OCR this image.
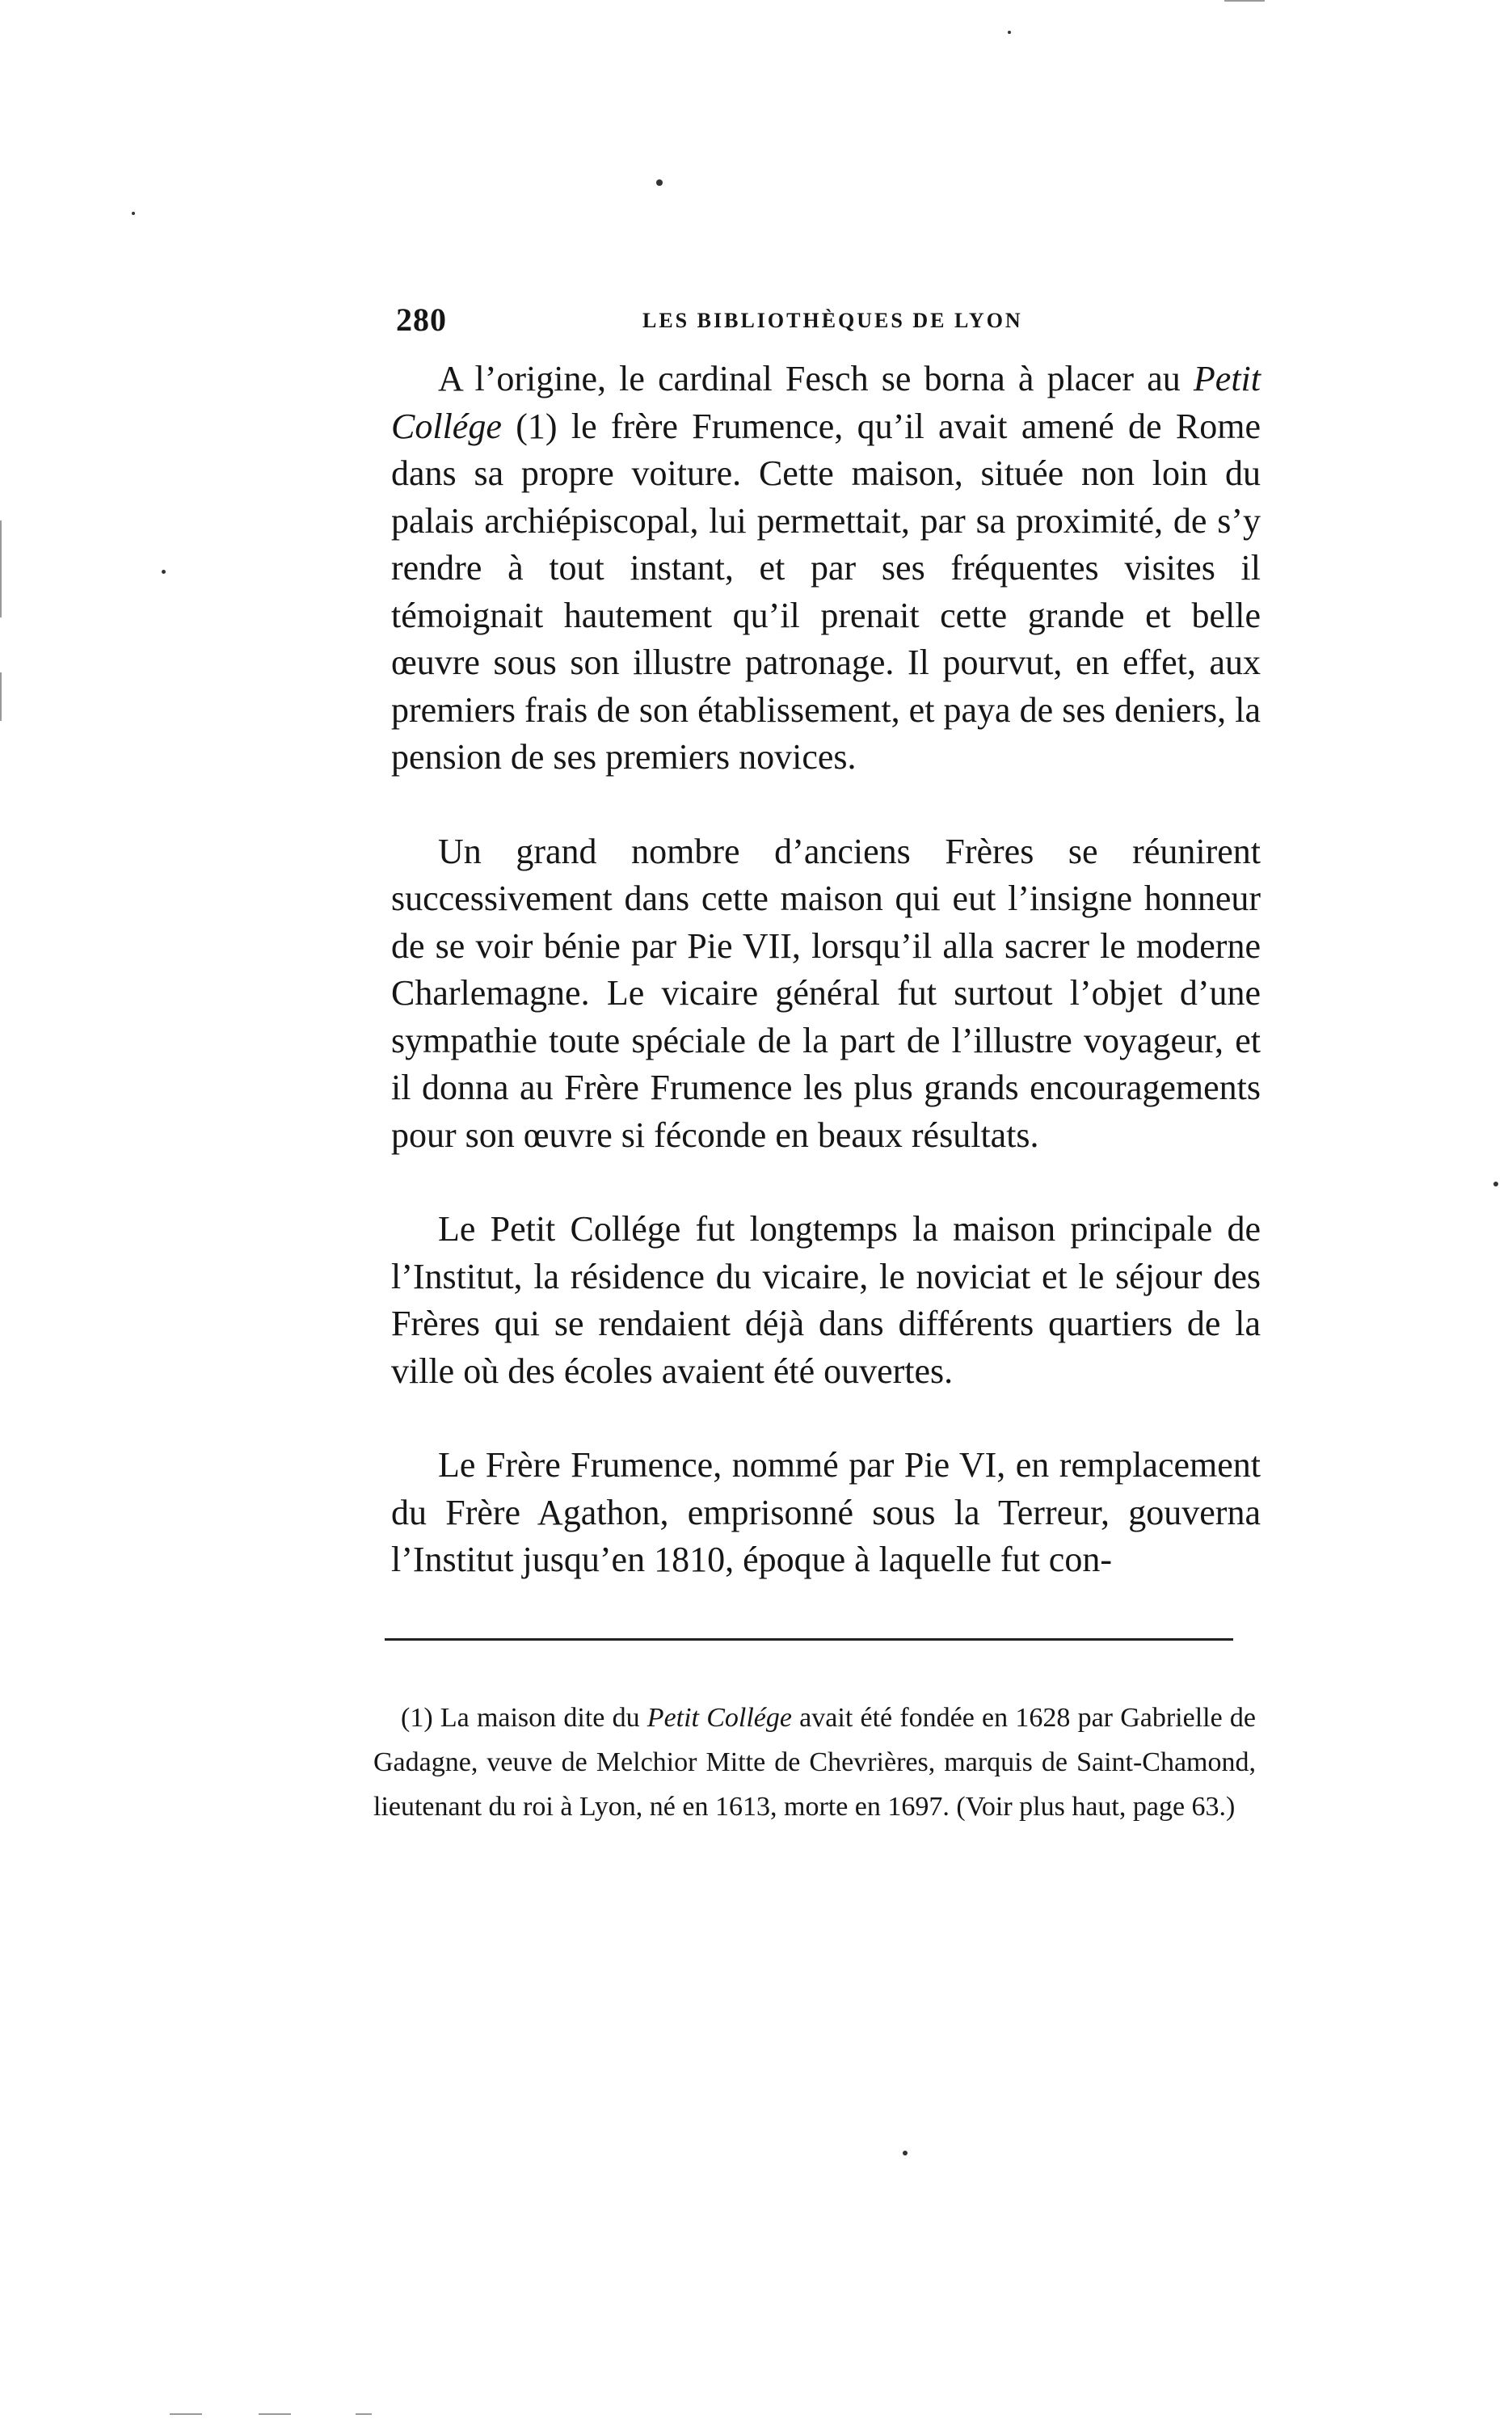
280	LES BIBLIOTHÈQUES DE LYON

A l’origine, le cardinal Fesch se borna à placer au Petit Collége (1) le frère Frumence, qu’il avait amené de Rome dans sa propre voiture. Cette maison, située non loin du palais archiépiscopal, lui permettait, par sa proximité, de s’y rendre à tout instant, et par ses fréquentes visites il témoignait hautement qu’il prenait cette grande et belle œuvre sous son illustre patronage. Il pourvut, en effet, aux premiers frais de son établissement, et paya de ses deniers, la pension de ses premiers novices.

Un grand nombre d’anciens Frères se réunirent successivement dans cette maison qui eut l’insigne honneur de se voir bénie par Pie VII, lorsqu’il alla sacrer le moderne Charlemagne. Le vicaire général fut surtout l’objet d’une sympathie toute spéciale de la part de l’illustre voyageur, et il donna au Frère Frumence les plus grands encouragements pour son œuvre si féconde en beaux résultats.

Le Petit Collége fut longtemps la maison principale de l’Institut, la résidence du vicaire, le noviciat et le séjour des Frères qui se rendaient déjà dans différents quartiers de la ville où des écoles avaient été ouvertes.

Le Frère Frumence, nommé par Pie VI, en remplacement du Frère Agathon, emprisonné sous la Terreur, gouverna l’Institut jusqu’en 1810, époque à laquelle fut con-

(1) La maison dite du Petit Collége avait été fondée en 1628 par Gabrielle de Gadagne, veuve de Melchior Mitte de Chevrières, marquis de Saint-Chamond, lieutenant du roi à Lyon, né en 1613, morte en 1697. (Voir plus haut, page 63.)
